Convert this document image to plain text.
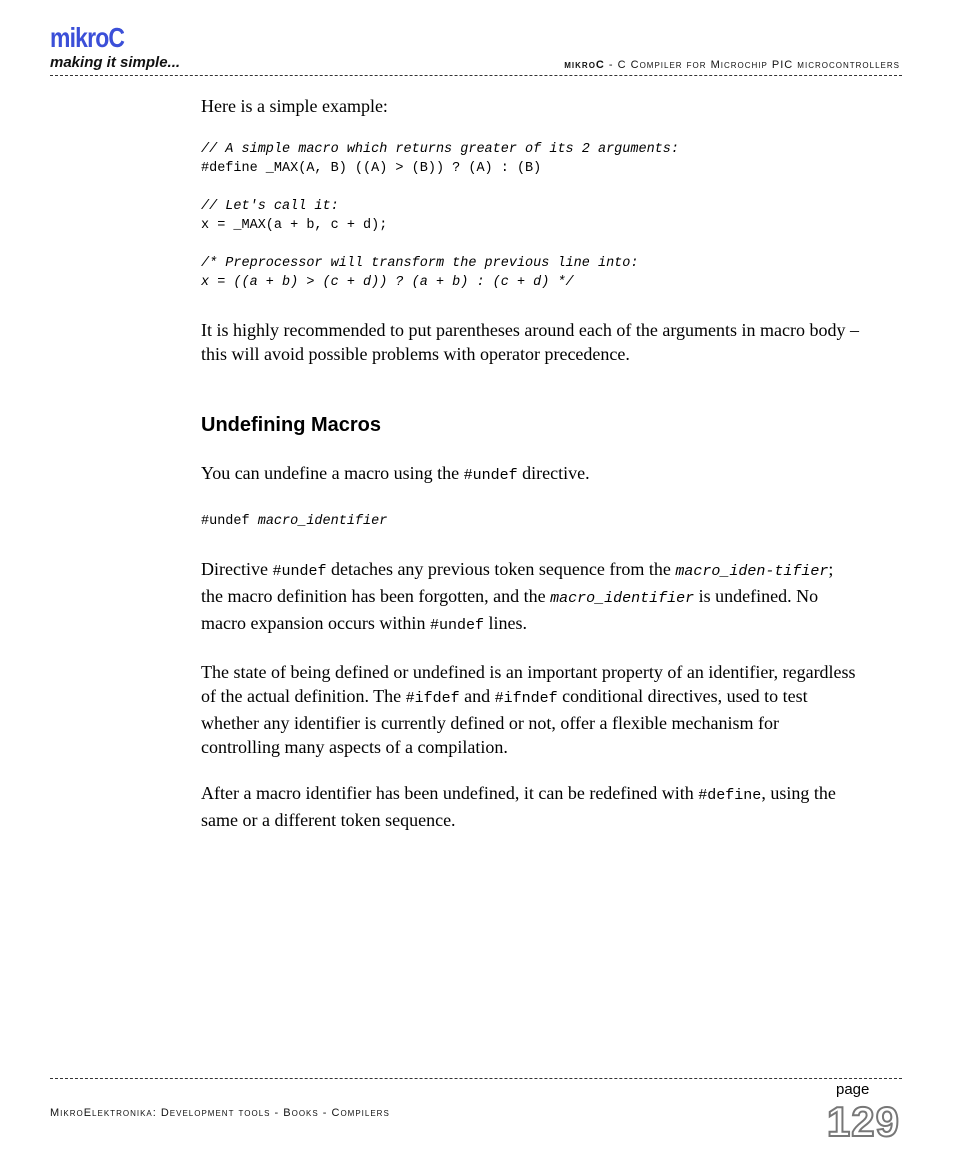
mikroC
making it simple...	mikroC - C Compiler for Microchip PIC microcontrollers

Here is a simple example:

// A simple macro which returns greater of its 2 arguments:
#define _MAX(A, B) ((A) > (B)) ? (A) : (B)

// Let's call it:
x = _MAX(a + b, c + d);

/* Preprocessor will transform the previous line into:
x = ((a + b) > (c + d)) ? (a + b) : (c + d) */

It is highly recommended to put parentheses around each of the arguments in macro body – this will avoid possible problems with operator precedence.

Undefining Macros

You can undefine a macro using the #undef directive.

#undef macro_identifier

Directive #undef detaches any previous token sequence from the macro_iden-tifier; the macro definition has been forgotten, and the macro_identifier is undefined. No macro expansion occurs within #undef lines.

The state of being defined or undefined is an important property of an identifier, regardless of the actual definition. The #ifdef and #ifndef conditional directives, used to test whether any identifier is currently defined or not, offer a flexible mechanism for controlling many aspects of a compilation.

After a macro identifier has been undefined, it can be redefined with #define, using the same or a different token sequence.

MikroElektronika: Development tools - Books - Compilers
page
129
